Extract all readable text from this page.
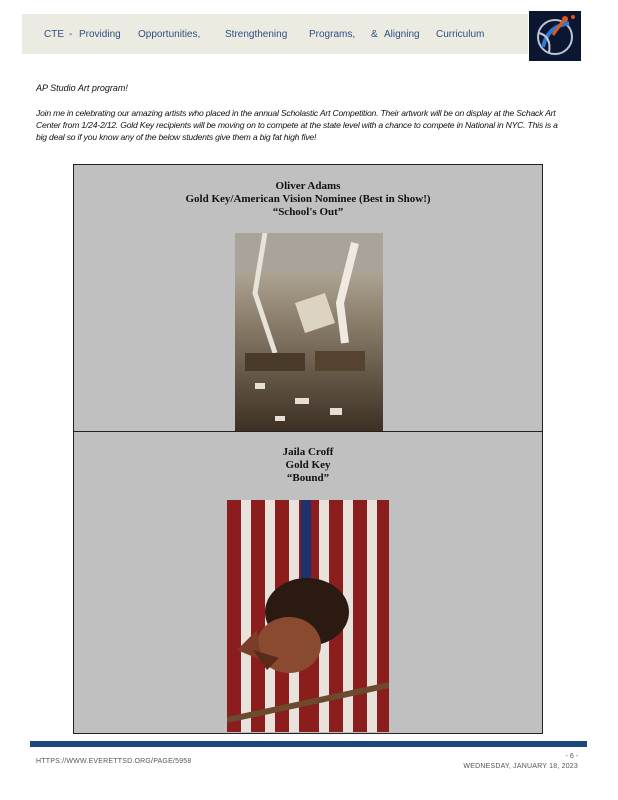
CTE - Providing Opportunities, Strengthening Programs, & Aligning Curriculum
AP Studio Art program!
Join me in celebrating our amazing artists who placed in the annual Scholastic Art Competition. Their artwork will be on display at the Schack Art Center from 1/24-2/12. Gold Key recipients will be moving on to compete at the state level with a chance to compete in National in NYC. This is a big deal so if you know any of the below students give them a big fat high five!
Oliver Adams
Gold Key/American Vision Nominee (Best in Show!)
“School's Out”
Jaila Croff
Gold Key
“Bound”
HTTPS://WWW.EVERETTSD.ORG/PAGE/5958
- 6 -
WEDNESDAY, JANUARY 18, 2023
